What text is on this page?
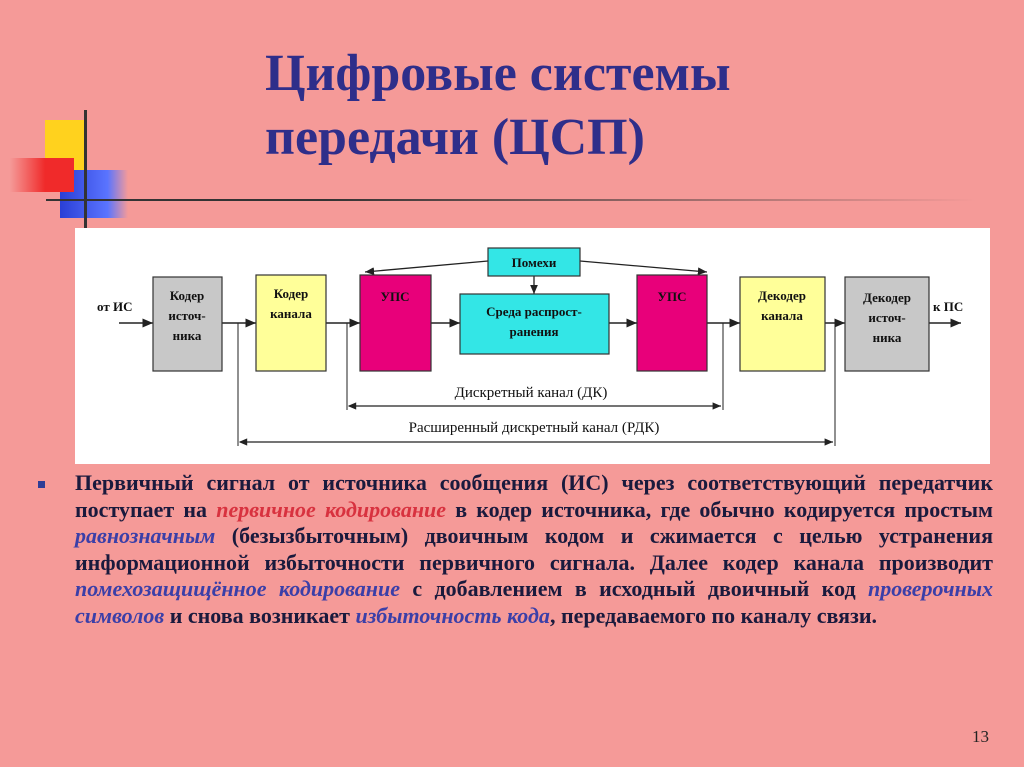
Цифровые системы
передачи (ЦСП)
от ИС	к ПС
Помехи
Кодер
источ-
ника
Кодер
канала
УПС
Среда распрост-
ранения
УПС	Декодер
канала
Декодер
источ-
ника
Дискретный канал (ДК)
Расширенный дискретный канал (РДК)
Первичный сигнал от источника сообщения (ИС) через соответствующий передатчик поступает на первичное кодирование в кодер источника, где обычно кодируется простым равнозначным (безызбыточным) двоичным кодом и сжимается с целью устранения информационной избыточности первичного сигнала. Далее кодер канала производит помехозащищённое кодирование с добавлением в исходный двоичный код проверочных символов и снова возникает избыточность кода, передаваемого по каналу связи.
13
